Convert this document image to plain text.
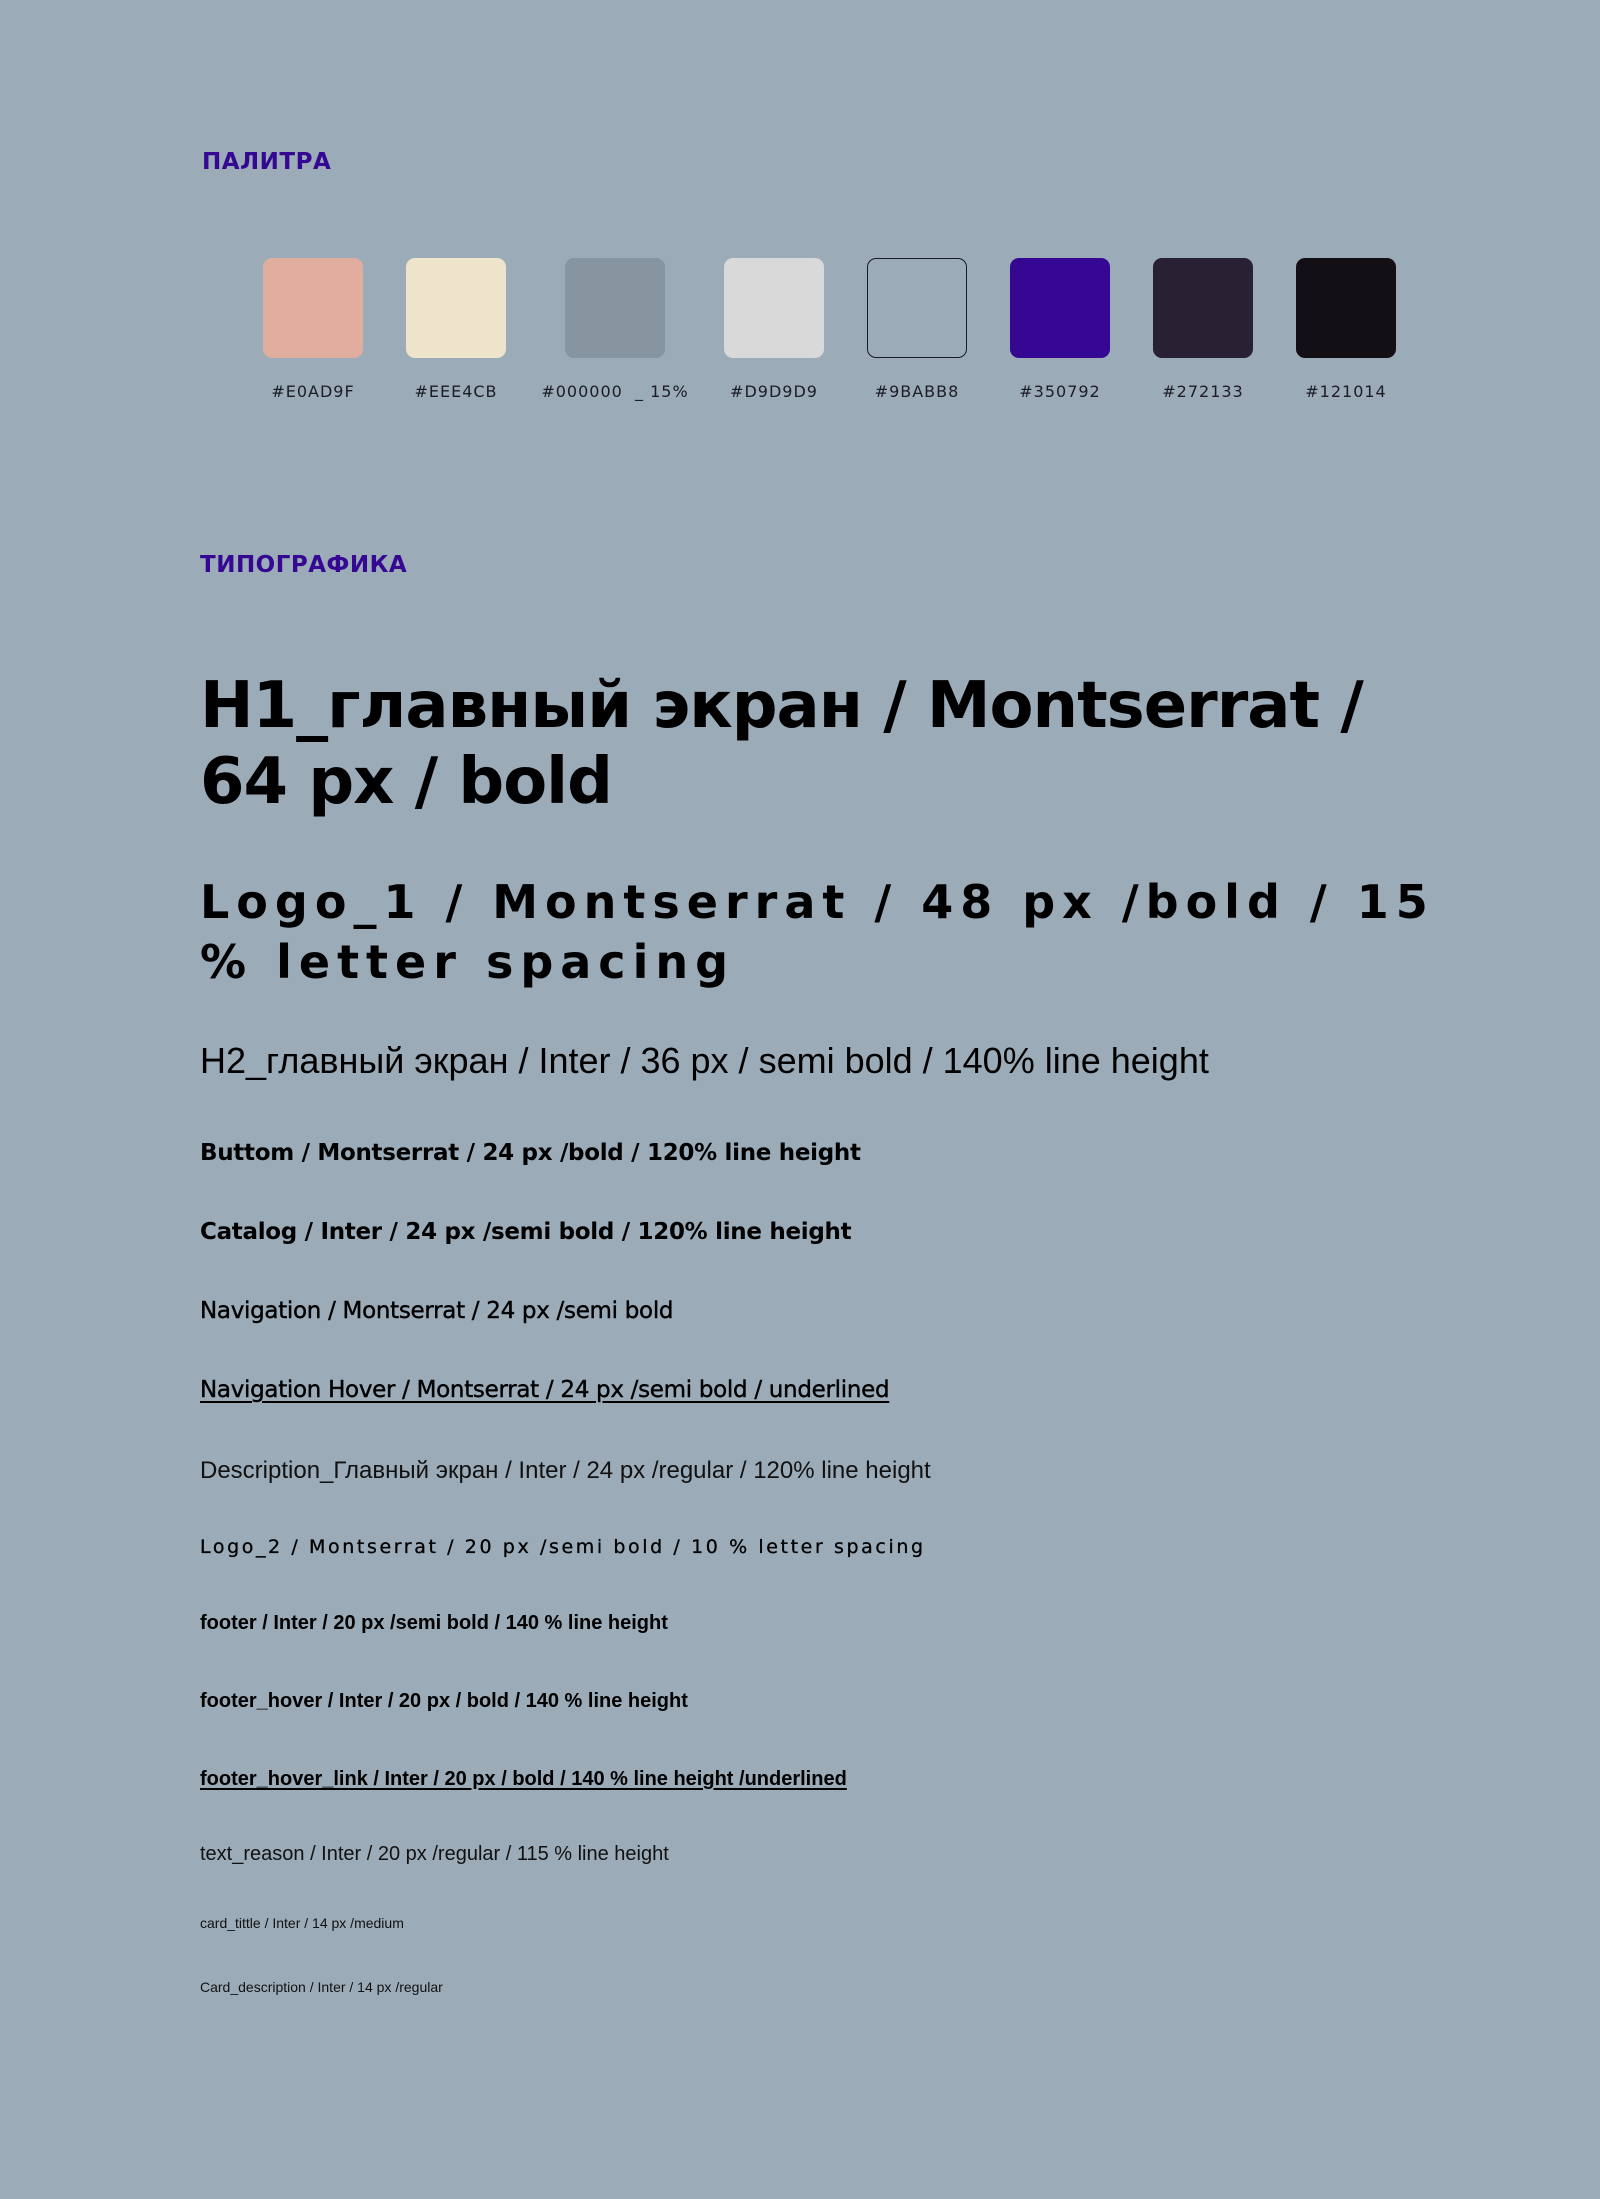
ПАЛИТРА
#E0AD9F	#EEE4CB	#000000  _ 15%	#D9D9D9	#9BABB8	#350792	#272133	#121014
ТИПОГРАФИКА

H1_главный экран / Montserrat / 64 px / bold

Logo_1 / Montserrat / 48 px /bold / 15 % letter spacing

H2_главный экран / Inter / 36 px / semi bold / 140% line height

Buttom / Montserrat / 24 px /bold / 120% line height

Catalog / Inter / 24 px /semi bold / 120% line height

Navigation / Montserrat / 24 px /semi bold

Navigation Hover / Montserrat / 24 px /semi bold / underlined

Description_Главный экран / Inter / 24 px /regular / 120% line height

Logo_2 / Montserrat / 20 px /semi bold / 10 % letter spacing

footer / Inter / 20 px /semi bold / 140 % line height

footer_hover / Inter / 20 px / bold / 140 % line height

footer_hover_link / Inter / 20 px / bold / 140 % line height /underlined

text_reason / Inter / 20 px /regular / 115 % line height

card_tittle / Inter / 14 px /medium

Card_description / Inter / 14 px /regular
